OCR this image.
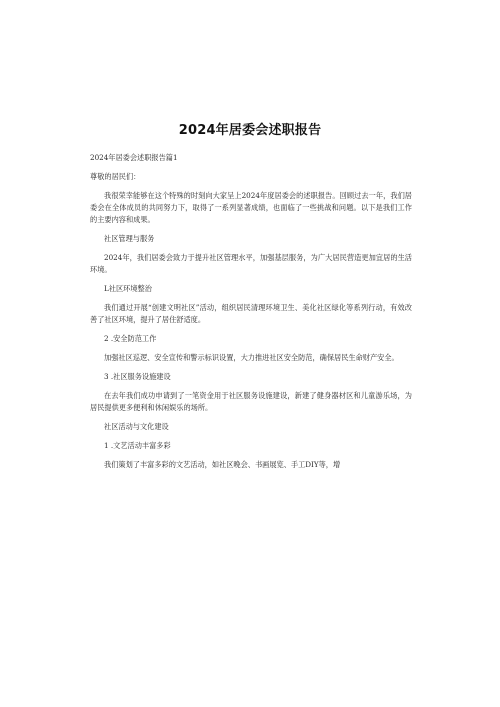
2024年居委会述职报告

2024年居委会述职报告篇1

尊敬的居民们：

我很荣幸能够在这个特殊的时刻向大家呈上2024年度居委会的述职报告。回顾过去一年，我们居委会在全体成员的共同努力下，取得了一系列显著成绩，也面临了一些挑战和问题。以下是我们工作的主要内容和成果。

社区管理与服务

2024年，我们居委会致力于提升社区管理水平，加强基层服务，为广大居民营造更加宜居的生活环境。

L社区环境整治

我们通过开展“创建文明社区”活动，组织居民清理环境卫生、美化社区绿化等系列行动，有效改善了社区环境，提升了居住舒适度。

2 .安全防范工作

加强社区巡逻、安全宣传和警示标识设置，大力推进社区安全防范，确保居民生命财产安全。

3 .社区服务设施建设

在去年我们成功申请到了一笔资金用于社区服务设施建设，新建了健身器材区和儿童游乐场，为居民提供更多便利和休闲娱乐的场所。

社区活动与文化建设

1 .文艺活动丰富多彩

我们策划了丰富多彩的文艺活动，如社区晚会、书画展览、手工DIY等，增
